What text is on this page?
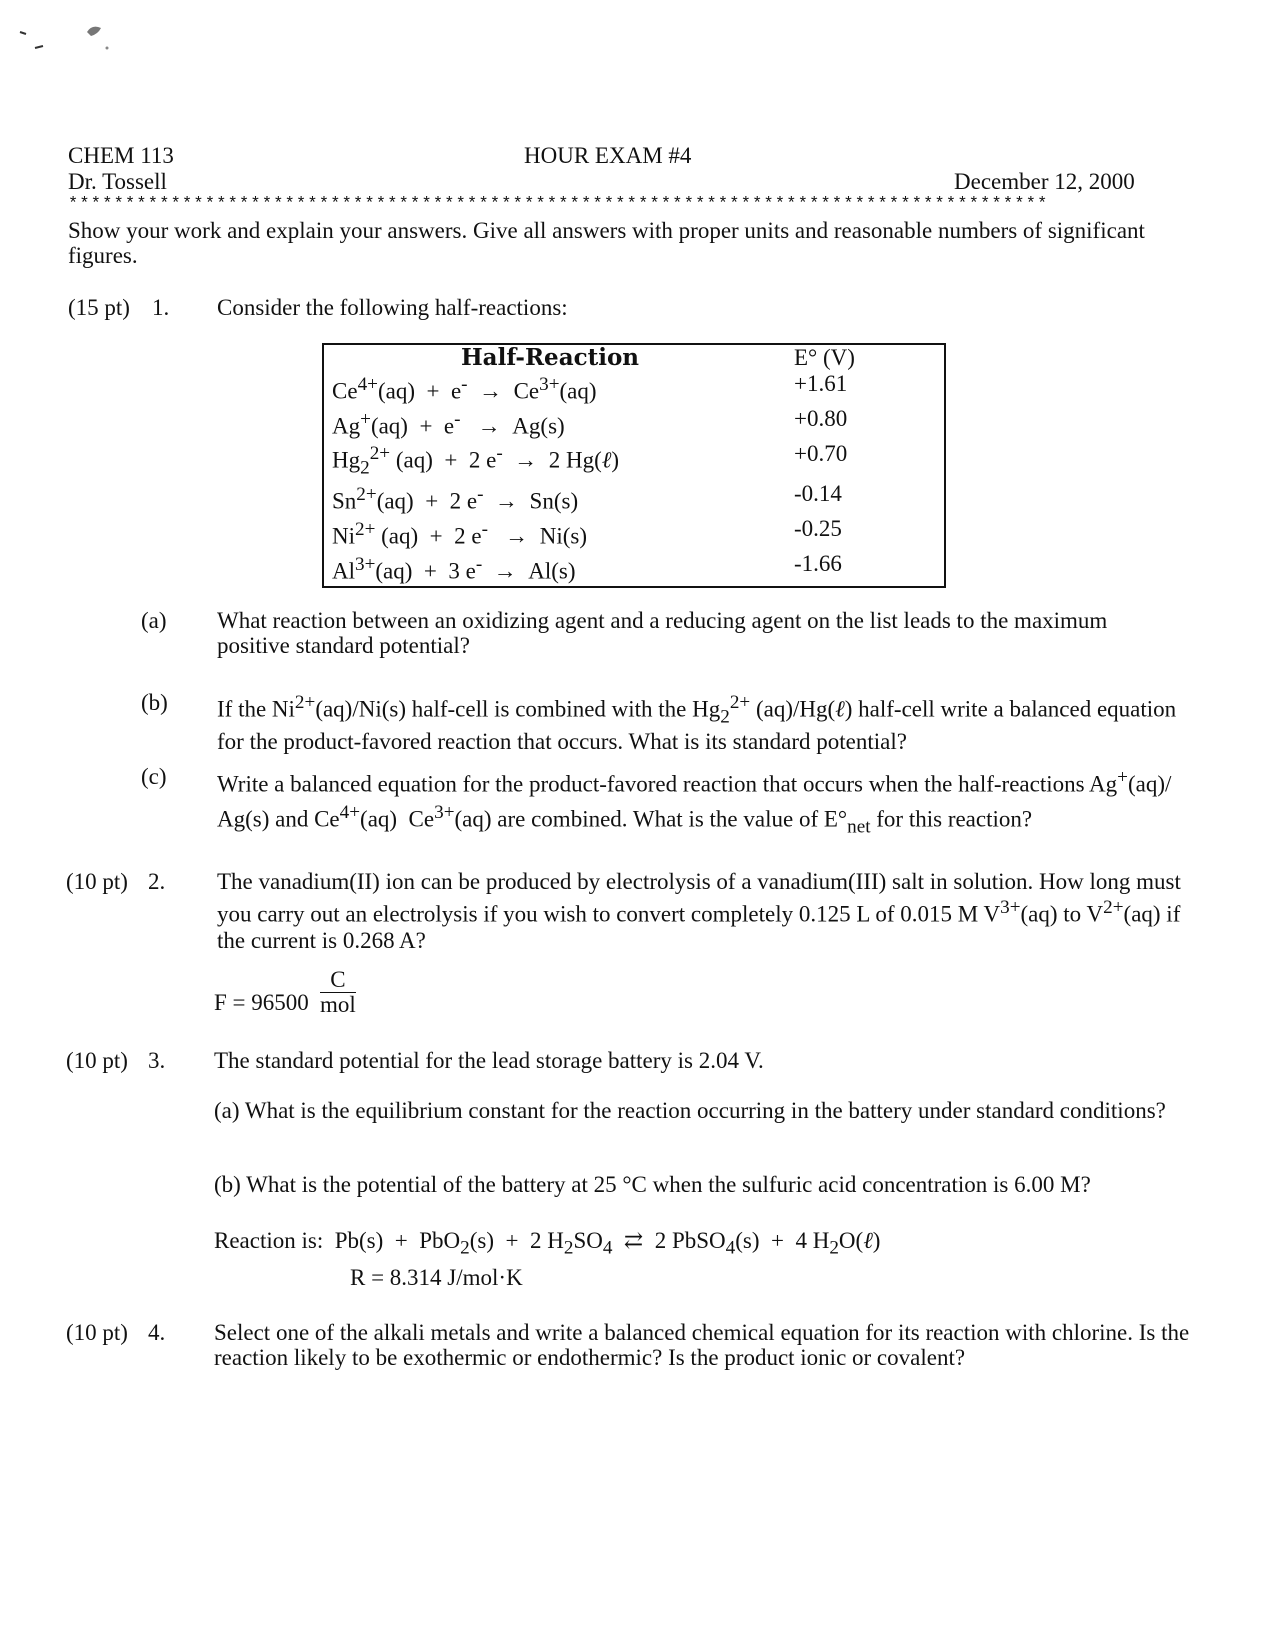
CHEM 113	HOUR EXAM #4
Dr. Tossell	December 12, 2000
**************************************************************************************
Show your work and explain your answers. Give all answers with proper units and reasonable numbers of significant figures.
(15 pt) 1. Consider the following half-reactions:
Half-Reaction	E° (V)
$Ce^{4+}(aq) + e^- \to Ce^{3+}(aq)$	+1.61
Ag+(aq)  +  e-   →  Ag(s)	+0.80
$Hg_2^{2+}$ (aq)  +  2 e-  →  2 Hg(ℓ)	+0.70
$Sn^{2+}(aq) + 2$ e-  →  Sn(s)	-0.14
$Ni^{2+}$ (aq)  +  2 e-   →  Ni(s)	-0.25
$Al^{3+}(aq) + 3$ e-  →  Al(s)	-1.66
(a) What reaction between an oxidizing agent and a reducing agent on the list leads to the maximum positive standard potential?
(b) If the $Ni^{2+}(aq)/Ni(s)$ half-cell is combined with the $Hg_2^{2+}$ (aq)/Hg(ℓ) half-cell write a balanced equation for the product-favored reaction that occurs. What is its standard potential?
(c) Write a balanced equation for the product-favored reaction that occurs when the half-reactions Ag+(aq)/ Ag(s) and $Ce^{4+}(aq)$  $Ce^{3+}(aq)$ are combined. What is the value of $E^\circ_{net}$ for this reaction?
(10 pt) 2. The vanadium(II) ion can be produced by electrolysis of a vanadium(III) salt in solution. How long must you carry out an electrolysis if you wish to convert completely 0.125 L of 0.015 M $V^{3+}(aq)$ to $V^{2+}(aq)$ if the current is 0.268 A?
F = 96500
C
mol
(10 pt) 3. The standard potential for the lead storage battery is 2.04 V.
(a) What is the equilibrium constant for the reaction occurring in the battery under standard conditions?
(b) What is the potential of the battery at 25 °C when the sulfuric acid concentration is 6.00 M?
Reaction is:  Pb(s)  +  PbO$_2$(s)  +  2 $H_2SO_4$  ⇄  2 PbSO$_4$(s)  +  4 $H_2O(\ell)$
R = 8.314 J/mol·K
(10 pt) 4. Select one of the alkali metals and write a balanced chemical equation for its reaction with chlorine. Is the reaction likely to be exothermic or endothermic? Is the product ionic or covalent?
